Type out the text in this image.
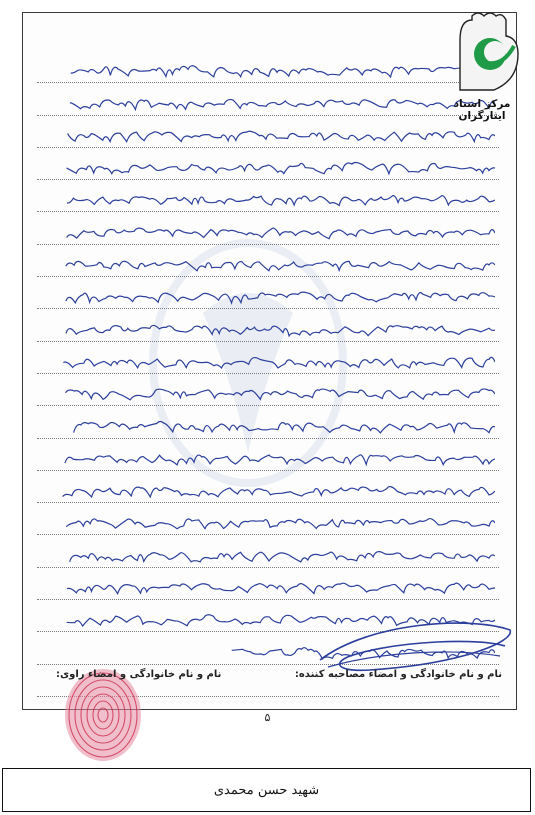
نام و نام خانوادگی و امضاء مصاحبه کننده:
نام و نام خانوادگی و امضاء راوی:
۵
مرکز اسناد ایثارگران
شهید حسن محمدی
